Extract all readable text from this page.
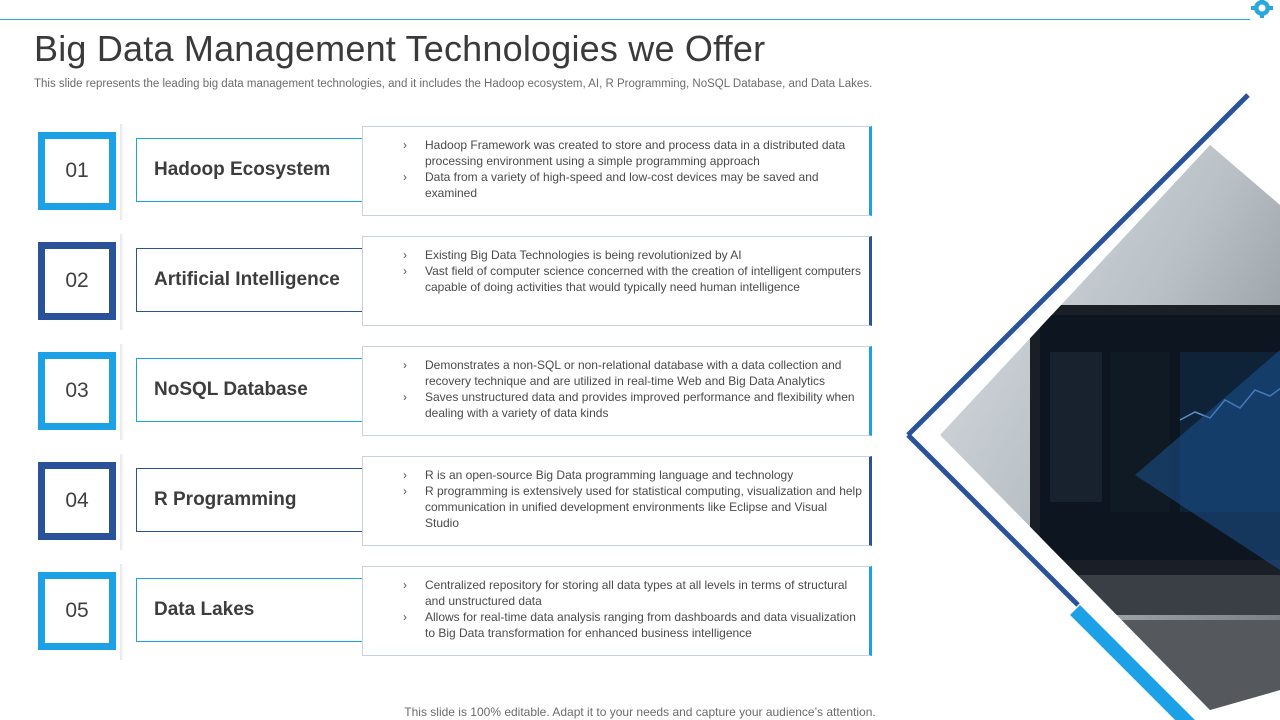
Big Data Management Technologies we Offer
This slide represents the leading big data management technologies, and it includes the Hadoop ecosystem, AI, R Programming, NoSQL Database, and Data Lakes.
01	Hadoop Ecosystem
› Hadoop Framework was created to store and process data in a distributed data processing environment using a simple programming approach
› Data from a variety of high-speed and low-cost devices may be saved and examined
02	Artificial Intelligence
› Existing Big Data Technologies is being revolutionized by AI
› Vast field of computer science concerned with the creation of intelligent computers capable of doing activities that would typically need human intelligence
03	NoSQL Database
› Demonstrates a non-SQL or non-relational database with a data collection and recovery technique and are utilized in real-time Web and Big Data Analytics
› Saves unstructured data and provides improved performance and flexibility when dealing with a variety of data kinds
04	R Programming
› R is an open-source Big Data programming language and technology
› R programming is extensively used for statistical computing, visualization and help communication in unified development environments like Eclipse and Visual Studio
05	Data Lakes
› Centralized repository for storing all data types at all levels in terms of structural and unstructured data
› Allows for real-time data analysis ranging from dashboards and data visualization to Big Data transformation for enhanced business intelligence
This slide is 100% editable. Adapt it to your needs and capture your audience’s attention.
